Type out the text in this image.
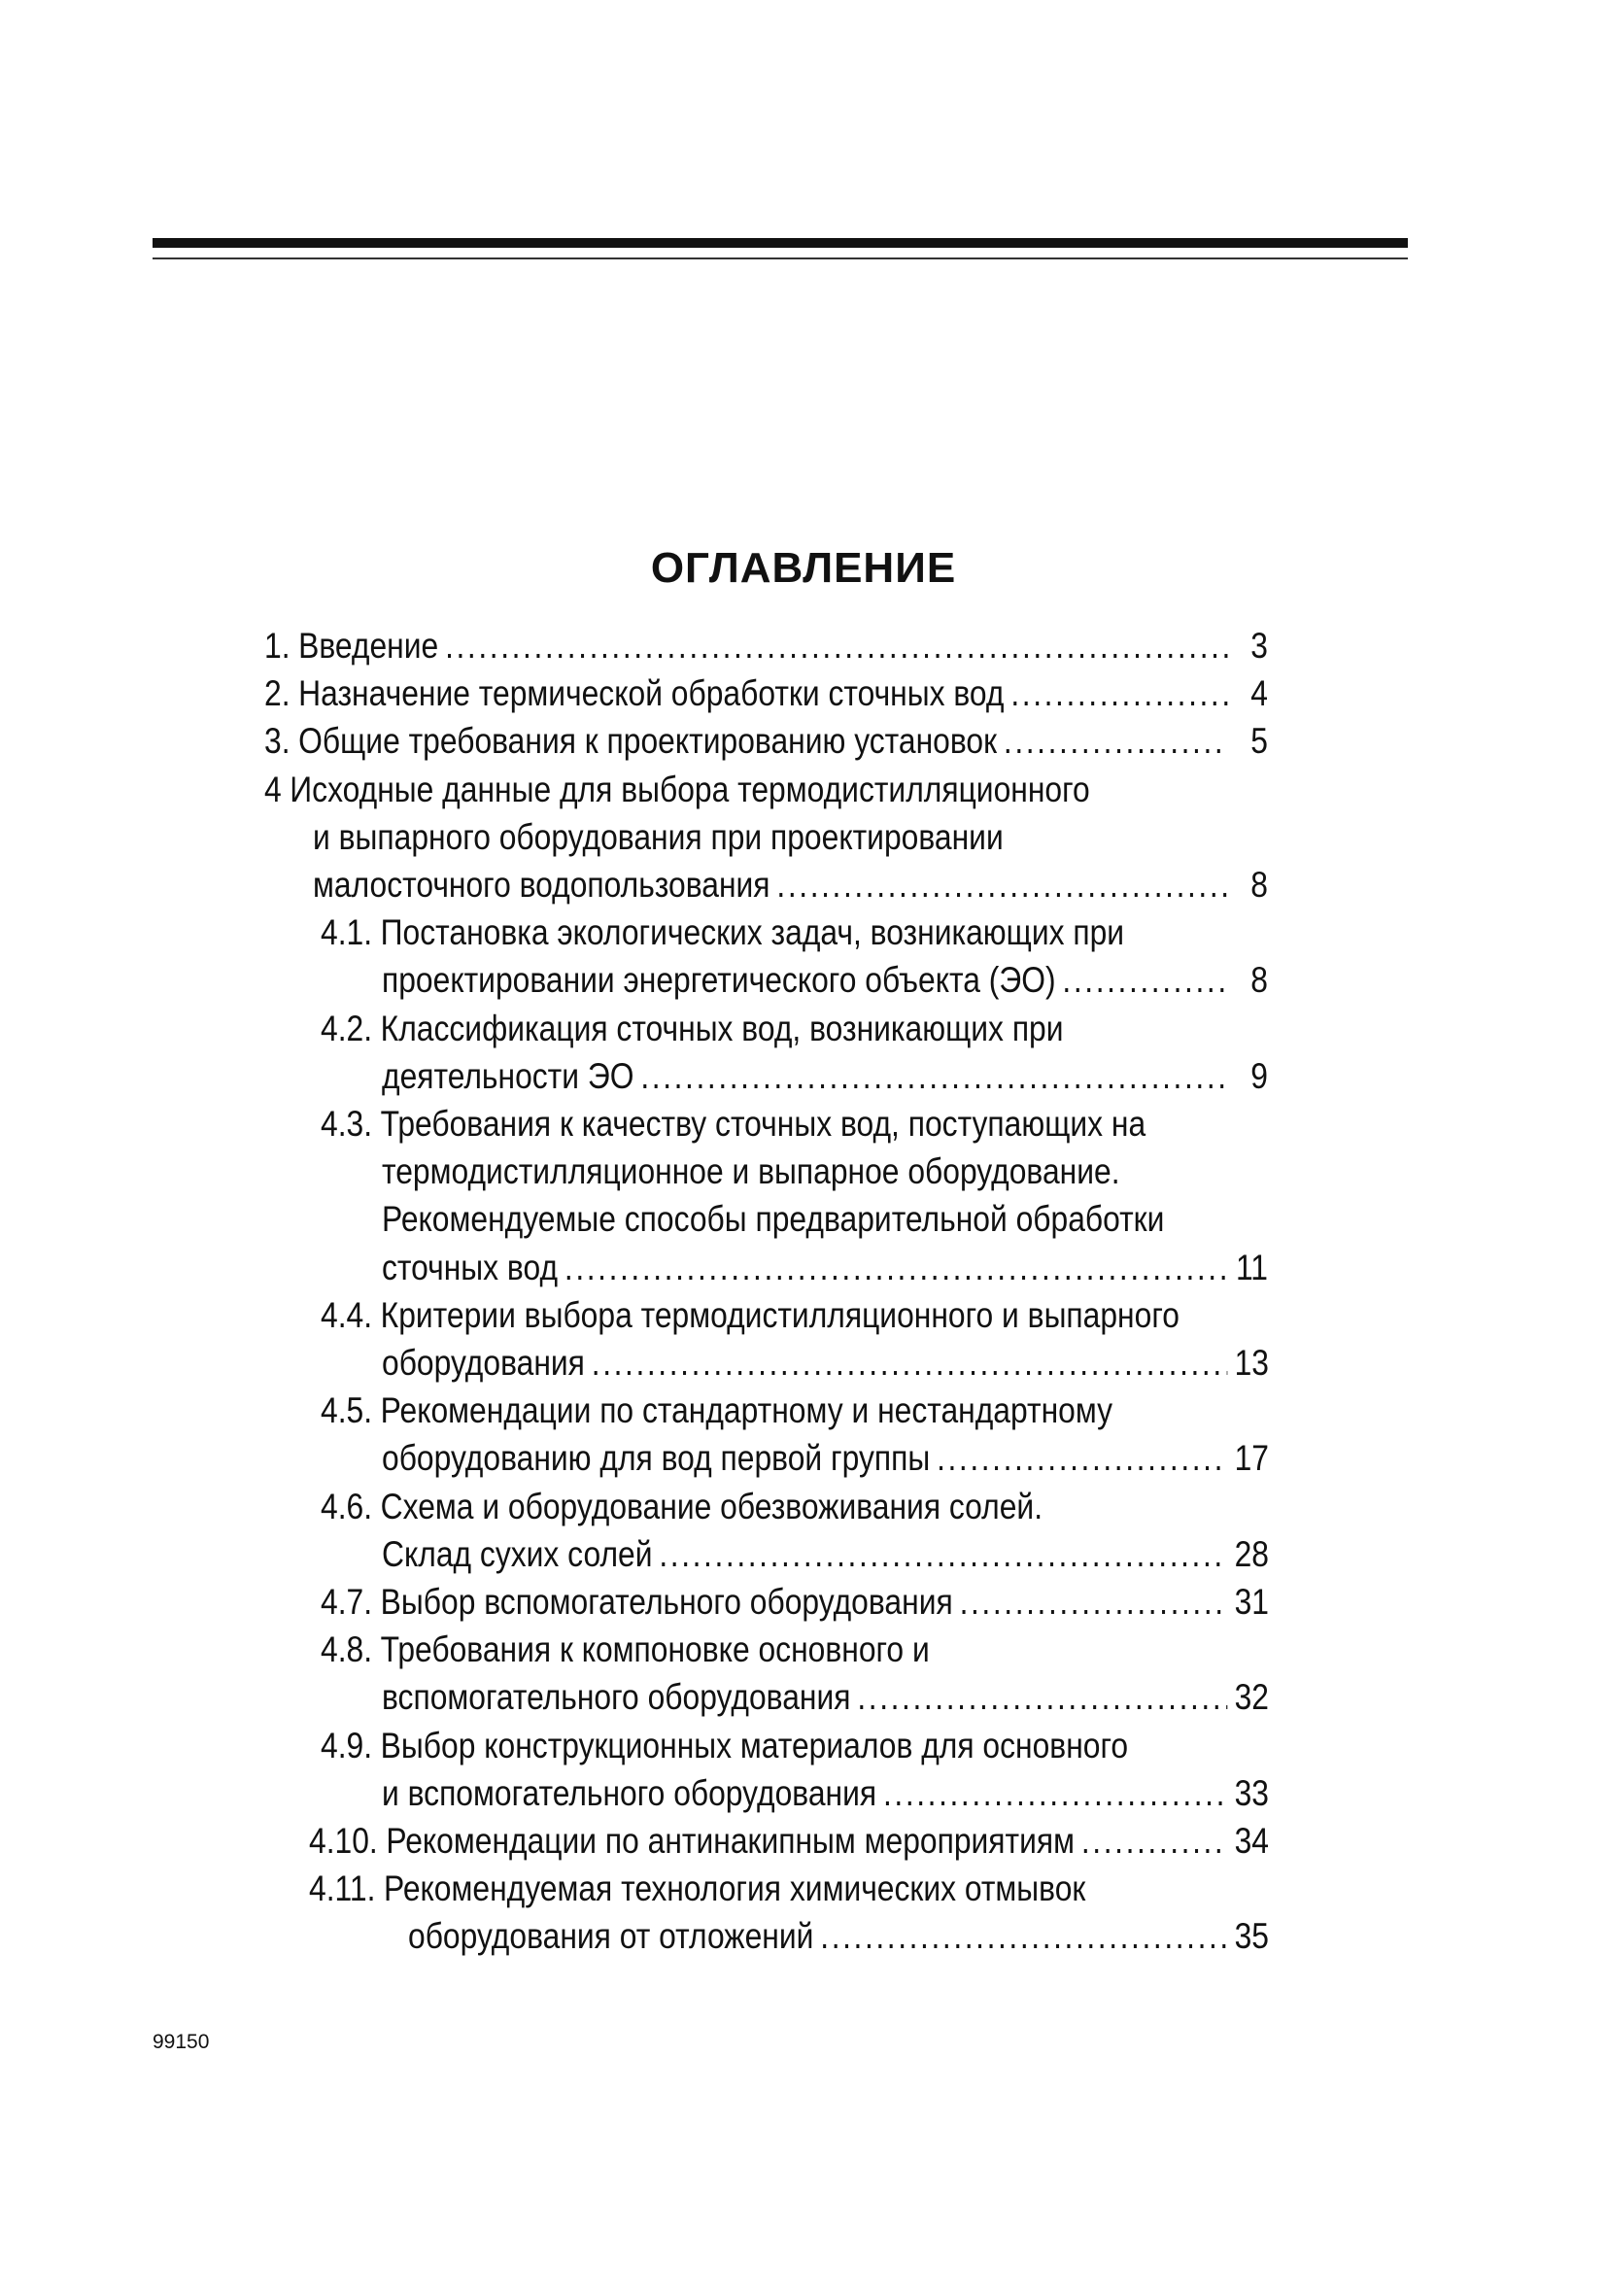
ОГЛАВЛЕНИЕ
1. Введение .....	3
2. Назначение термической обработки сточных вод .....	4
3. Общие требования к проектированию установок .....	5
4 Исходные данные для выбора термодистилляционного
и выпарного оборудования при проектировании
малосточного водопользования .....	8
4.1. Постановка экологических задач, возникающих при
проектировании энергетического объекта (ЭО) .....	8
4.2. Классификация сточных вод, возникающих при
деятельности ЭО .....	9
4.3. Требования к качеству сточных вод, поступающих на
термодистилляционное и выпарное оборудование.
Рекомендуемые способы предварительной обработки
сточных вод .....	11
4.4. Критерии выбора термодистилляционного и выпарного
оборудования .....	13
4.5. Рекомендации по стандартному и нестандартному
оборудованию для вод первой группы .....	17
4.6. Схема и оборудование обезвоживания солей.
Склад сухих солей .....	28
4.7. Выбор вспомогательного оборудования .....	31
4.8. Требования к компоновке основного и
вспомогательного оборудования .....	32
4.9. Выбор конструкционных материалов для основного
и вспомогательного оборудования .....	33
4.10. Рекомендации по антинакипным мероприятиям .....	34
4.11. Рекомендуемая технология химических отмывок
оборудования от отложений .....	35
99150
